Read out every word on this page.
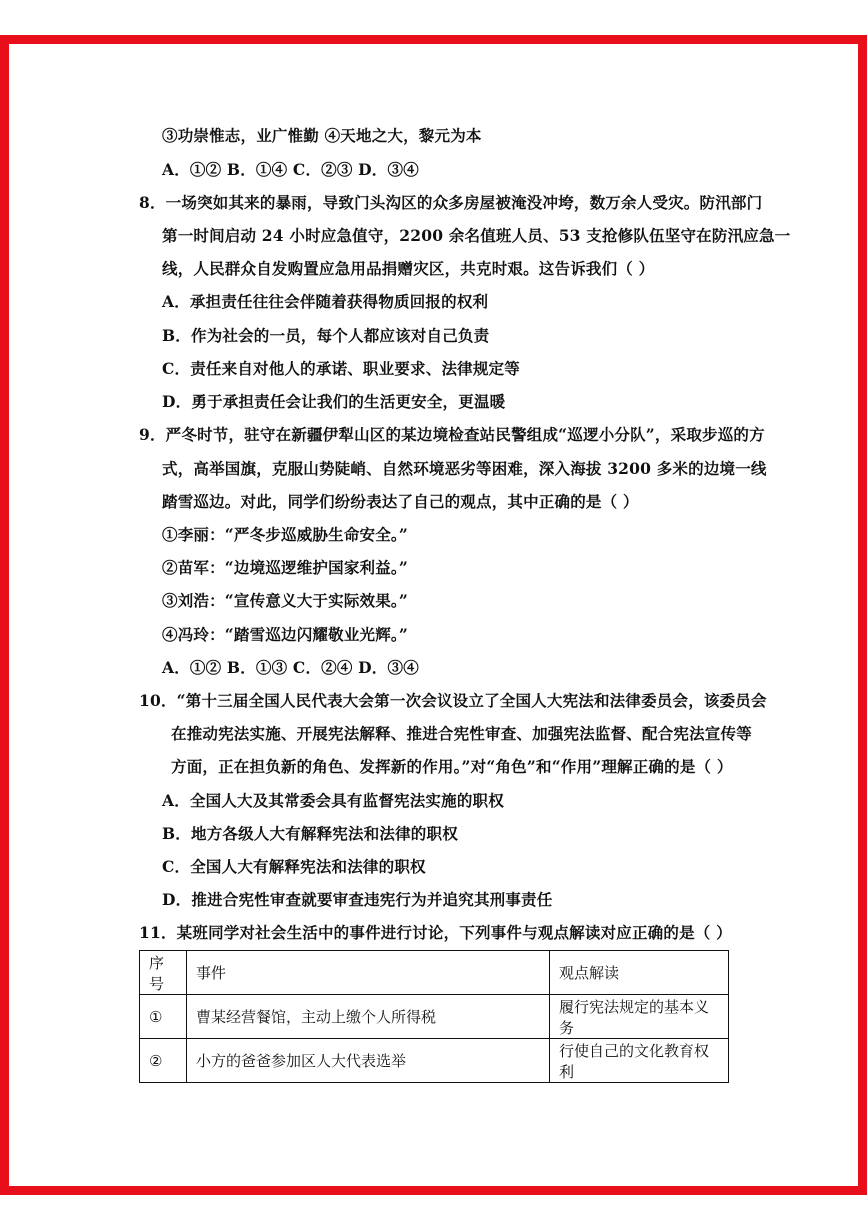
③功崇惟志，业广惟勤 ④天地之大，黎元为本
A．①② B．①④ C．②③ D．③④
8．一场突如其来的暴雨，导致门头沟区的众多房屋被淹没冲垮，数万余人受灾。防汛部门
第一时间启动 24 小时应急值守，2200 余名值班人员、53 支抢修队伍坚守在防汛应急一
线，人民群众自发购置应急用品捐赠灾区，共克时艰。这告诉我们（ ）
A．承担责任往往会伴随着获得物质回报的权利
B．作为社会的一员，每个人都应该对自己负责
C．责任来自对他人的承诺、职业要求、法律规定等
D．勇于承担责任会让我们的生活更安全，更温暖
9．严冬时节，驻守在新疆伊犁山区的某边境检查站民警组成“巡逻小分队”，采取步巡的方
式，高举国旗，克服山势陡峭、自然环境恶劣等困难，深入海拔 3200 多米的边境一线
踏雪巡边。对此，同学们纷纷表达了自己的观点，其中正确的是（ ）
①李丽：“严冬步巡威胁生命安全。”
②苗军：“边境巡逻维护国家利益。”
③刘浩：“宣传意义大于实际效果。”
④冯玲：“踏雪巡边闪耀敬业光辉。”
A．①② B．①③ C．②④ D．③④
10．“第十三届全国人民代表大会第一次会议设立了全国人大宪法和法律委员会，该委员会
在推动宪法实施、开展宪法解释、推进合宪性审查、加强宪法监督、配合宪法宣传等
方面，正在担负新的角色、发挥新的作用。”对“角色”和“作用”理解正确的是（ ）
A．全国人大及其常委会具有监督宪法实施的职权
B．地方各级人大有解释宪法和法律的职权
C．全国人大有解释宪法和法律的职权
D．推进合宪性审查就要审查违宪行为并追究其刑事责任
11．某班同学对社会生活中的事件进行讨论，下列事件与观点解读对应正确的是（ ）
序号	事件	观点解读
①	曹某经营餐馆，主动上缴个人所得税	履行宪法规定的基本义务
②	小方的爸爸参加区人大代表选举	行使自己的文化教育权利
